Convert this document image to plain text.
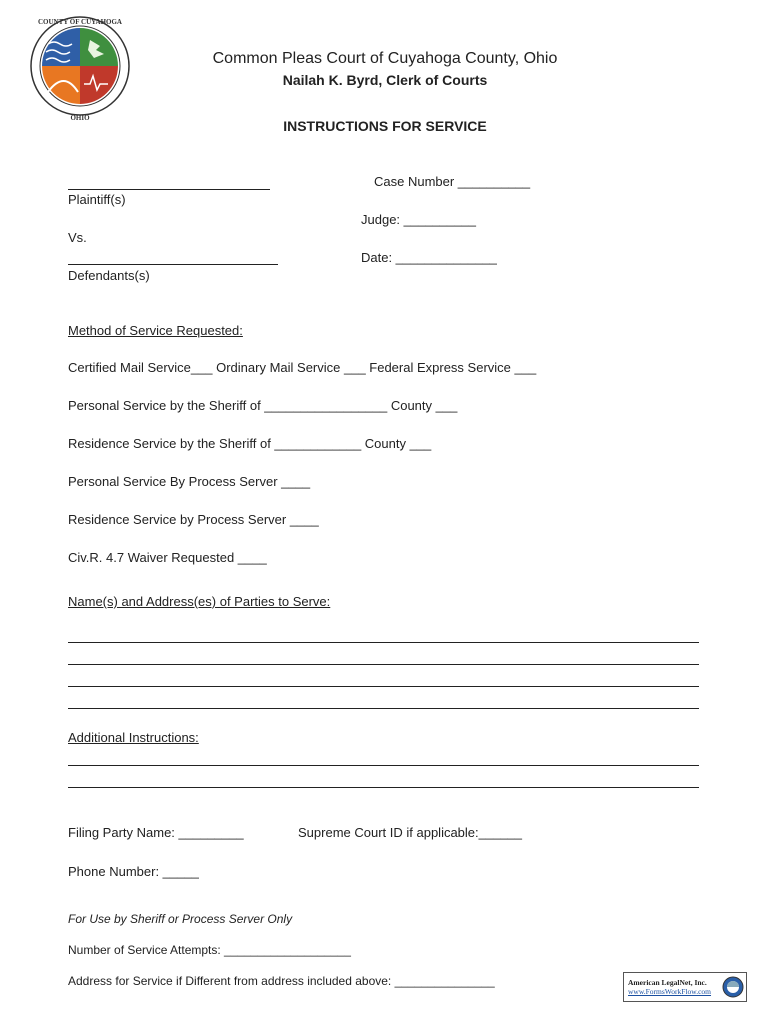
COUNTY OF CUYAHOGA
OHIO
Common Pleas Court of Cuyahoga County, Ohio
Nailah K. Byrd, Clerk of Courts
INSTRUCTIONS FOR SERVICE
Plaintiff(s)
Vs.
Defendants(s)
Case Number __________
Judge: __________
Date: ______________
Method of Service Requested:
Certified Mail Service___ Ordinary Mail Service ___ Federal Express Service ___
Personal Service by the Sheriff of _________________ County ___
Residence Service by the Sheriff of ____________ County ___
Personal Service By Process Server ____
Residence Service by Process Server ____
Civ.R. 4.7 Waiver Requested ____
Name(s) and Address(es) of Parties to Serve:
Additional Instructions:
Filing Party Name: _________	Supreme Court ID if applicable:______
Phone Number: _____
For Use by Sheriff or Process Server Only
Number of Service Attempts: ___________________
Address for Service if Different from address included above: _______________	American LegalNet, Inc.
www.FormsWorkFlow.com
